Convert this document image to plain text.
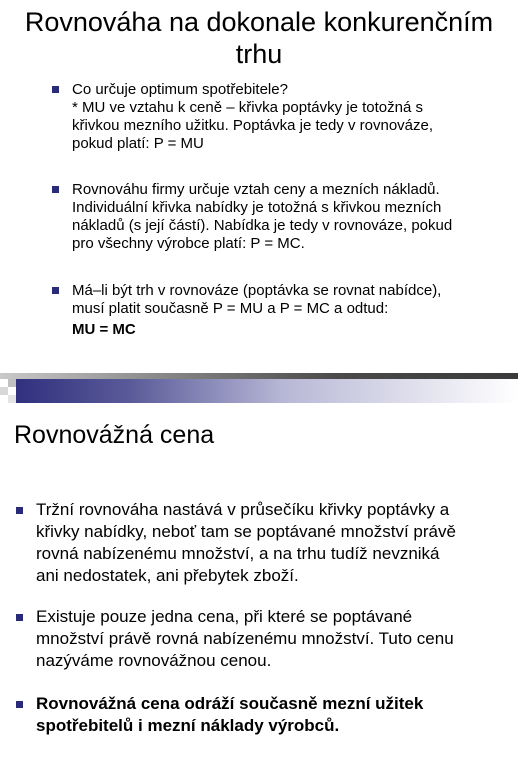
Rovnováha na dokonale konkurenčním
trhu
Co určuje optimum spotřebitele?
* MU ve vztahu k ceně – křivka poptávky je totožná s
křivkou mezního užitku. Poptávka je tedy v rovnováze,
pokud platí: P = MU
Rovnováhu firmy určuje vztah ceny a mezních nákladů.
Individuální křivka nabídky je totožná s křivkou mezních
nákladů (s její částí). Nabídka je tedy v rovnováze, pokud
pro všechny výrobce platí: P = MC.
Má–li být trh v rovnováze (poptávka se rovnat nabídce),
musí platit současně P = MU a P = MC a odtud:
MU = MC
Rovnovážná cena
Tržní rovnováha nastává v průsečíku křivky poptávky a
křivky nabídky, neboť tam se poptávané množství právě
rovná nabízenému množství, a na trhu tudíž nevzniká
ani nedostatek, ani přebytek zboží.
Existuje pouze jedna cena, při které se poptávané
množství právě rovná nabízenému množství. Tuto cenu
nazýváme rovnovážnou cenou.
Rovnovážná cena odráží současně mezní užitek
spotřebitelů i mezní náklady výrobců.
